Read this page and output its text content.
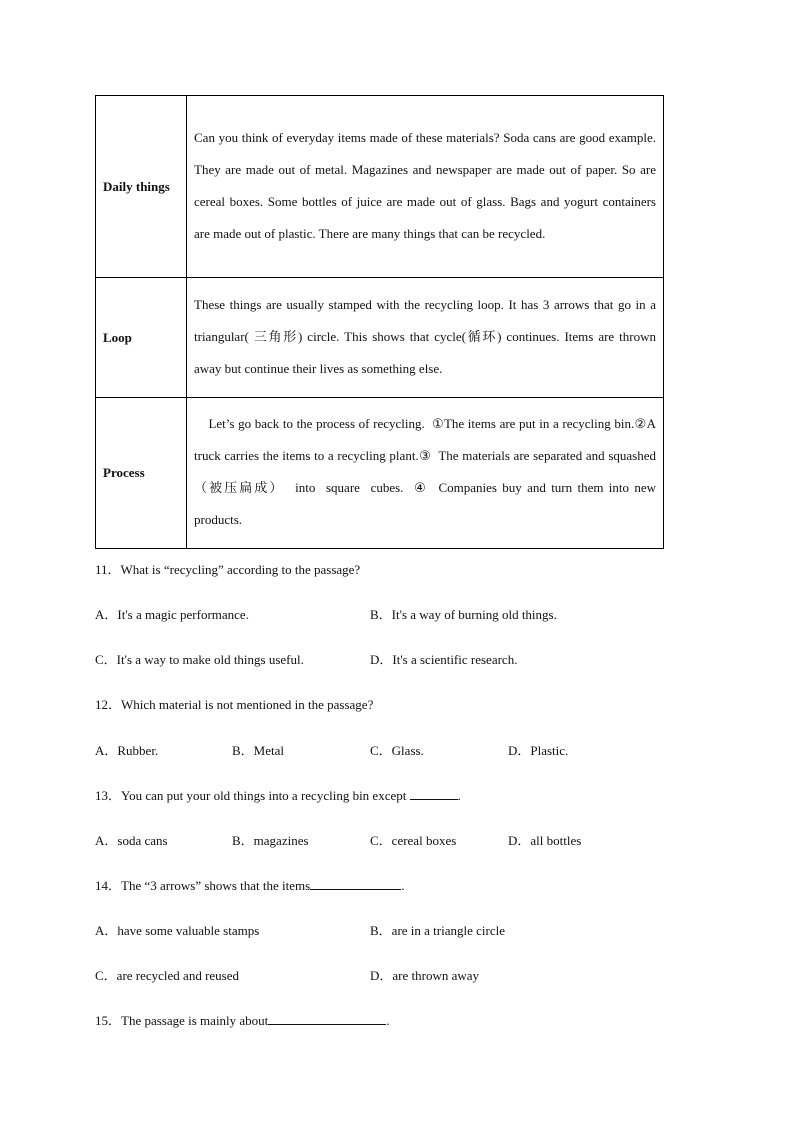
Daily things	Can you think of everyday items made of these materials? Soda cans are good example. They are made out of metal. Magazines and newspaper are made out of paper. So are cereal boxes. Some bottles of juice are made out of glass. Bags and yogurt containers are made out of plastic. There are many things that can be recycled.
Loop	These things are usually stamped with the recycling loop. It has 3 arrows that go in a triangular( 三角形) circle. This shows that cycle(循环) continues. Items are thrown away but continue their lives as something else.
Process	Let’s go back to the process of recycling.  ①The items are put in a recycling bin.②A truck carries the items to a recycling plant.③  The materials are separated and squashed（被压扁成）  into  square  cubes.  ④  Companies buy and turn them into new products.
11．What is “recycling” according to the passage?
A．It's a magic performance.	B．It's a way of burning old things.
C．It's a way to make old things useful.	D．It's a scientific research.
12．Which material is not mentioned in the passage?
A．Rubber.	B．Metal	C．Glass.	D．Plastic.
13．You can put your old things into a recycling bin except	.
A．soda cans	B．magazines	C．cereal boxes	D．all bottles
14．The “3 arrows” shows that the items	.
A．have some valuable stamps	B．are in a triangle circle
C．are recycled and reused	D．are thrown away
15．The passage is mainly about	.
